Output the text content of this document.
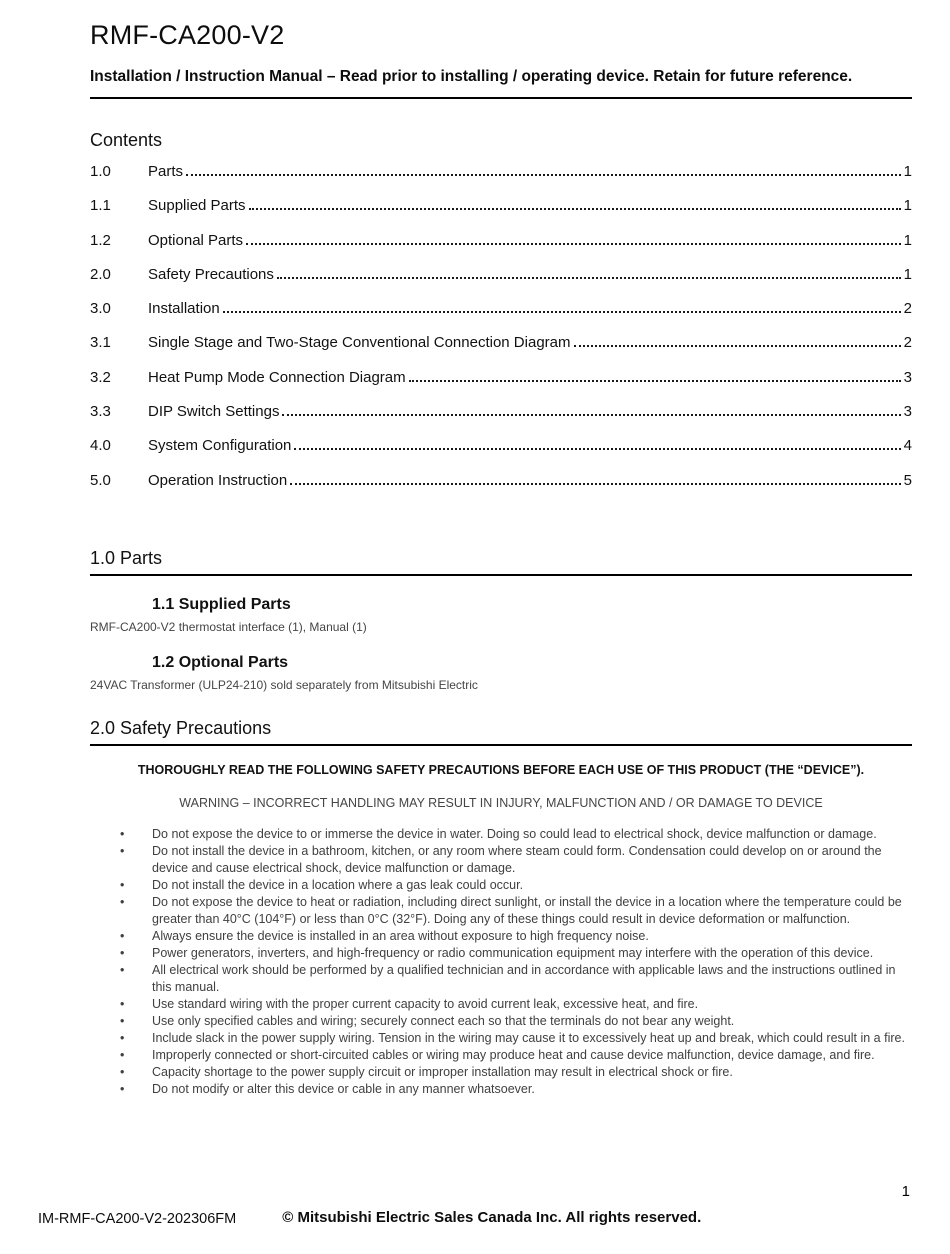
RMF-CA200-V2
Installation / Instruction Manual – Read prior to installing / operating device. Retain for future reference.
Contents
1.0	Parts	1
1.1	Supplied Parts	1
1.2	Optional Parts	1
2.0	Safety Precautions	1
3.0	Installation	2
3.1	Single Stage and Two-Stage Conventional Connection Diagram	2
3.2	Heat Pump Mode Connection Diagram	3
3.3	DIP Switch Settings	3
4.0	System Configuration	4
5.0	Operation Instruction	5
1.0 Parts
1.1 Supplied Parts
RMF-CA200-V2 thermostat interface (1), Manual (1)
1.2 Optional Parts
24VAC Transformer (ULP24-210) sold separately from Mitsubishi Electric
2.0 Safety Precautions
THOROUGHLY READ THE FOLLOWING SAFETY PRECAUTIONS BEFORE EACH USE OF THIS PRODUCT (THE “DEVICE”).
WARNING – INCORRECT HANDLING MAY RESULT IN INJURY, MALFUNCTION AND / OR DAMAGE TO DEVICE
•	Do not expose the device to or immerse the device in water. Doing so could lead to electrical shock, device malfunction or damage.
•	Do not install the device in a bathroom, kitchen, or any room where steam could form. Condensation could develop on or around the device and cause electrical shock, device malfunction or damage.
•	Do not install the device in a location where a gas leak could occur.
•	Do not expose the device to heat or radiation, including direct sunlight, or install the device in a location where the temperature could be greater than 40°C (104°F) or less than 0°C (32°F). Doing any of these things could result in device deformation or malfunction.
•	Always ensure the device is installed in an area without exposure to high frequency noise.
•	Power generators, inverters, and high-frequency or radio communication equipment may interfere with the operation of this device.
•	All electrical work should be performed by a qualified technician and in accordance with applicable laws and the instructions outlined in this manual.
•	Use standard wiring with the proper current capacity to avoid current leak, excessive heat, and fire.
•	Use only specified cables and wiring; securely connect each so that the terminals do not bear any weight.
•	Include slack in the power supply wiring. Tension in the wiring may cause it to excessively heat up and break, which could result in a fire.
•	Improperly connected or short-circuited cables or wiring may produce heat and cause device malfunction, device damage, and fire.
•	Capacity shortage to the power supply circuit or improper installation may result in electrical shock or fire.
•	Do not modify or alter this device or cable in any manner whatsoever.
1
IM-RMF-CA200-V2-202306FM	© Mitsubishi Electric Sales Canada Inc. All rights reserved.
